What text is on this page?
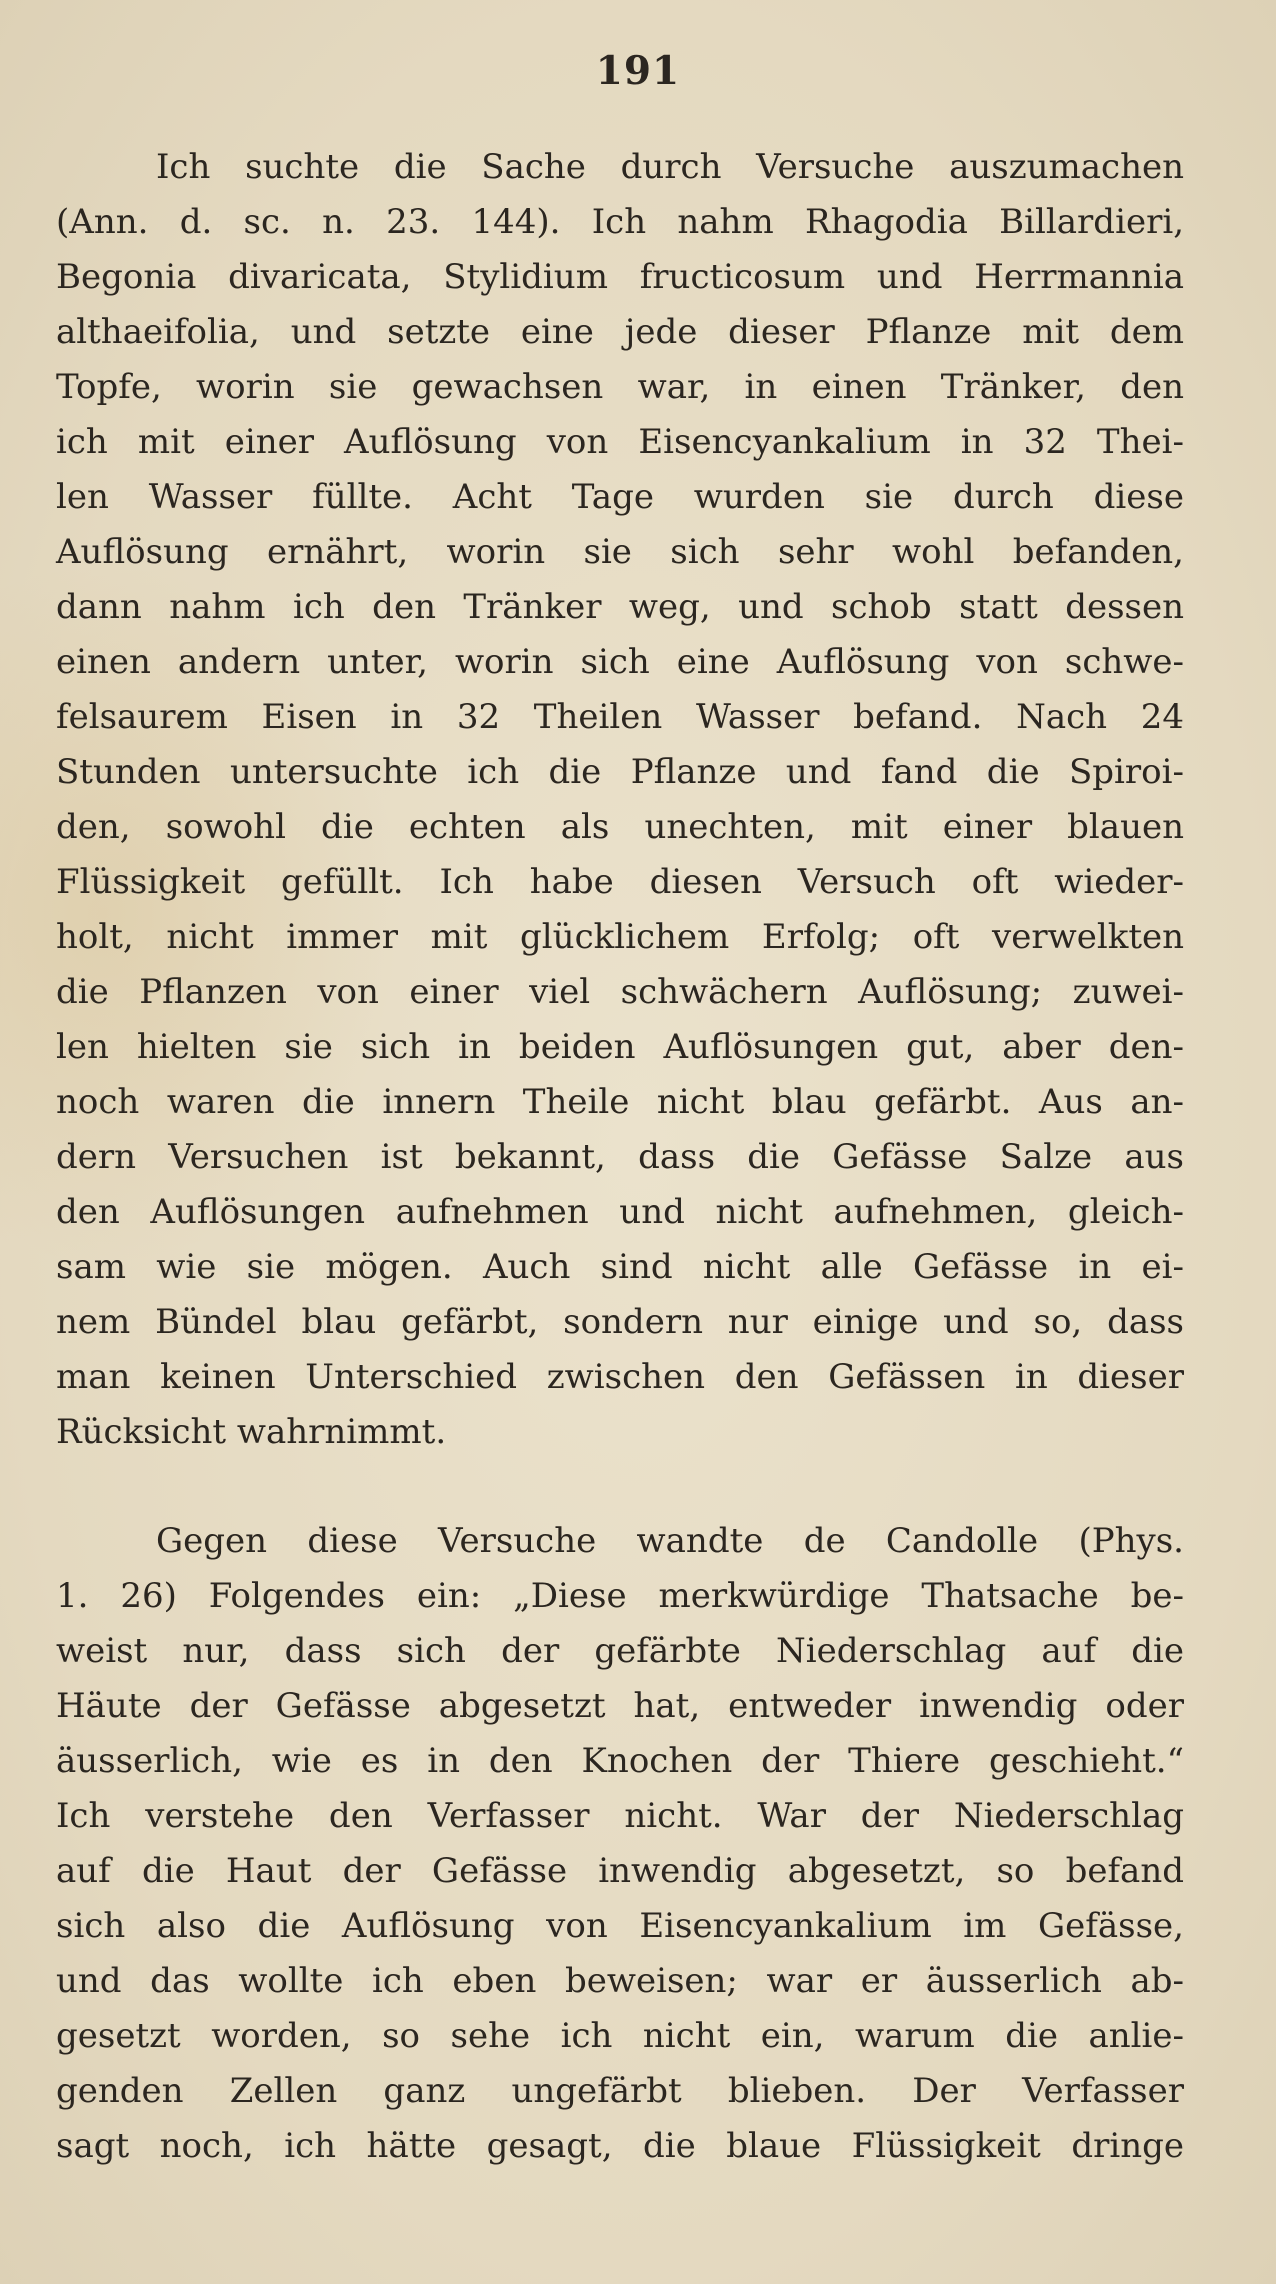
191

Ich suchte die Sache durch Versuche auszumachen
(Ann. d. sc. n. 23. 144). Ich nahm Rhagodia Billardieri,
Begonia divaricata, Stylidium fructicosum und Herrmannia
althaeifolia, und setzte eine jede dieser Pflanze mit dem
Topfe, worin sie gewachsen war, in einen Tränker, den
ich mit einer Auflösung von Eisencyankalium in 32 Thei-
len Wasser füllte. Acht Tage wurden sie durch diese
Auflösung ernährt, worin sie sich sehr wohl befanden,
dann nahm ich den Tränker weg, und schob statt dessen
einen andern unter, worin sich eine Auflösung von schwe-
felsaurem Eisen in 32 Theilen Wasser befand. Nach 24
Stunden untersuchte ich die Pflanze und fand die Spiroi-
den, sowohl die echten als unechten, mit einer blauen
Flüssigkeit gefüllt. Ich habe diesen Versuch oft wieder-
holt, nicht immer mit glücklichem Erfolg; oft verwelkten
die Pflanzen von einer viel schwächern Auflösung; zuwei-
len hielten sie sich in beiden Auflösungen gut, aber den-
noch waren die innern Theile nicht blau gefärbt. Aus an-
dern Versuchen ist bekannt, dass die Gefässe Salze aus
den Auflösungen aufnehmen und nicht aufnehmen, gleich-
sam wie sie mögen. Auch sind nicht alle Gefässe in ei-
nem Bündel blau gefärbt, sondern nur einige und so, dass
man keinen Unterschied zwischen den Gefässen in dieser
Rücksicht wahrnimmt.
Gegen diese Versuche wandte de Candolle (Phys.
1. 26) Folgendes ein: „Diese merkwürdige Thatsache be-
weist nur, dass sich der gefärbte Niederschlag auf die
Häute der Gefässe abgesetzt hat, entweder inwendig oder
äusserlich, wie es in den Knochen der Thiere geschieht.“
Ich verstehe den Verfasser nicht. War der Niederschlag
auf die Haut der Gefässe inwendig abgesetzt, so befand
sich also die Auflösung von Eisencyankalium im Gefässe,
und das wollte ich eben beweisen; war er äusserlich ab-
gesetzt worden, so sehe ich nicht ein, warum die anlie-
genden Zellen ganz ungefärbt blieben. Der Verfasser
sagt noch, ich hätte gesagt, die blaue Flüssigkeit dringe
